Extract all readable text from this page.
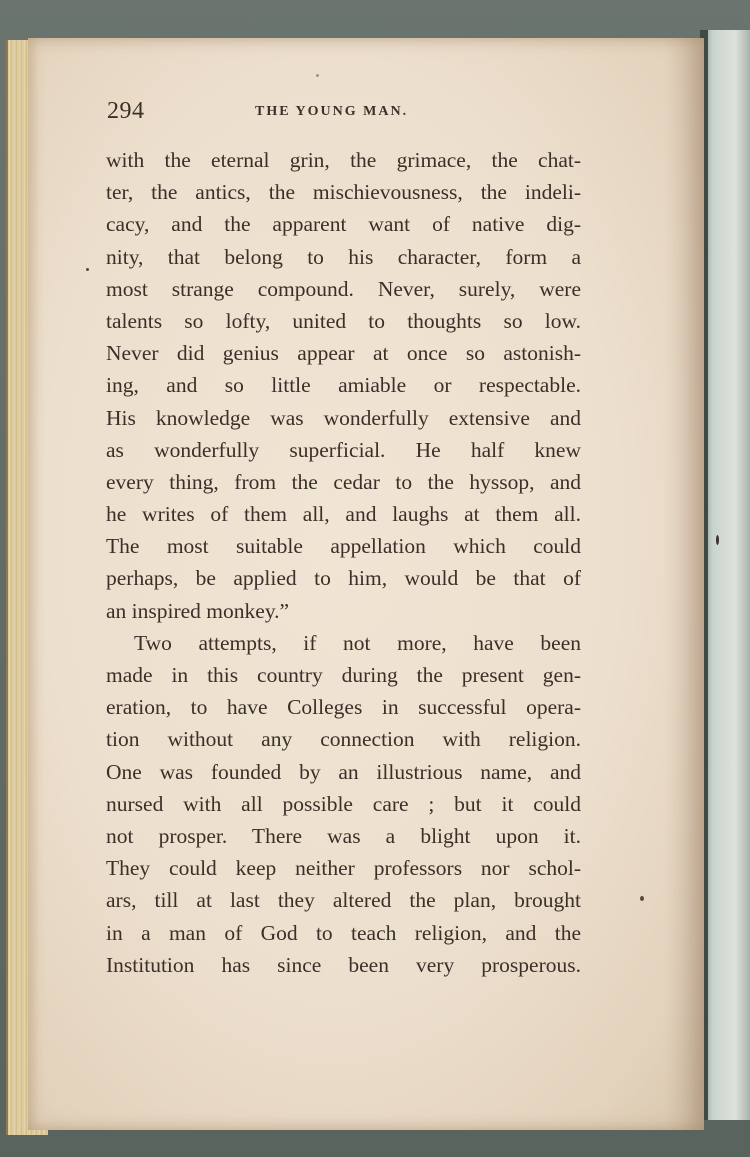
294	THE YOUNG MAN.
with the eternal grin, the grimace, the chat-
ter, the antics, the mischievousness, the indeli-
cacy, and the apparent want of native dig-
nity, that belong to his character, form a
most strange compound. Never, surely, were
talents so lofty, united to thoughts so low.
Never did genius appear at once so astonish-
ing, and so little amiable or respectable.
His knowledge was wonderfully extensive and
as wonderfully superficial. He half knew
every thing, from the cedar to the hyssop, and
he writes of them all, and laughs at them all.
The most suitable appellation which could
perhaps, be applied to him, would be that of
an inspired monkey.”
Two attempts, if not more, have been
made in this country during the present gen-
eration, to have Colleges in successful opera-
tion without any connection with religion.
One was founded by an illustrious name, and
nursed with all possible care ; but it could
not prosper. There was a blight upon it.
They could keep neither professors nor schol-
ars, till at last they altered the plan, brought
in a man of God to teach religion, and the
Institution has since been very prosperous.
